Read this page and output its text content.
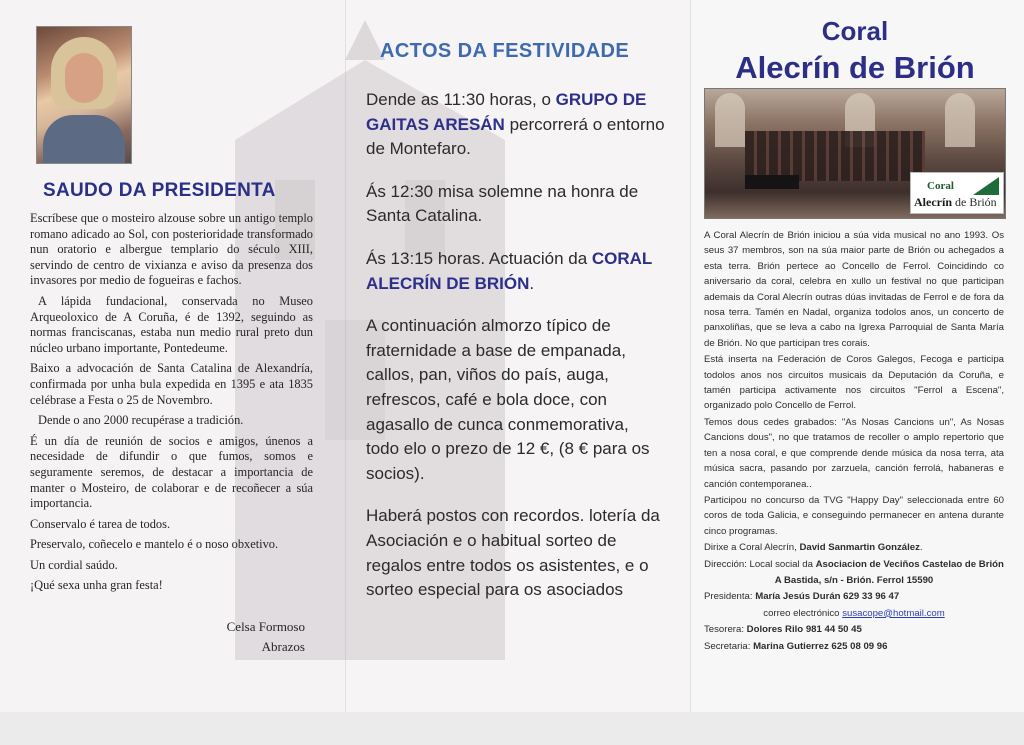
SAUDO DA PRESIDENTA

Escríbese que o mosteiro alzouse sobre un antigo templo romano adicado ao Sol, con posterioridade transformado nun oratorio e albergue templario do século XIII, servindo de centro de vixianza e aviso da presenza dos invasores por medio de fogueiras e fachos.

A lápida fundacional, conservada no Museo Arqueoloxico de A Coruña, é de 1392, seguindo as normas franciscanas, estaba nun medio rural preto dun núcleo urbano importante, Pontedeume.

Baixo a advocación de Santa Catalina de Alexandría, confirmada por unha bula expedida en 1395 e ata 1835 celébrase a Festa o 25 de Novembro.

Dende o ano 2000 recupérase a tradición.

É un día de reunión de socios e amigos, únenos a necesidade de difundir o que fumos, somos e seguramente seremos, de destacar a importancia de manter o Mosteiro, de colaborar e de recoñecer a súa importancia.

Conservalo é tarea de todos.

Preservalo, coñecelo e mantelo é o noso obxetivo.

Un cordial saúdo.

¡Qué sexa unha gran festa!

Celsa Formoso
Abrazos
ACTOS DA FESTIVIDADE

Dende as 11:30 horas, o GRUPO DE GAITAS ARESÁN percorrerá o entorno de Montefaro.

Ás 12:30 misa solemne na honra de Santa Catalina.

Ás 13:15 horas. Actuación da CORAL ALECRÍN DE BRIÓN.

A continuación almorzo típico de fraternidade a base de empanada, callos, pan, viños do país, auga, refrescos, café e bola doce, con agasallo de cunca conmemorativa, todo elo o prezo de 12 €, (8 € para os socios).

Haberá postos con recordos. lotería da Asociación e o habitual sorteo de regalos entre todos os asistentes, e o sorteo especial para os asociados

Coral
Alecrín de Brión
Coral
Alecrín de Brión

A Coral Alecrín de Brión iniciou a súa vida musical no ano 1993. Os seus 37 membros, son na súa maior parte de Brión ou achegados a esta terra. Brión pertece ao Concello de Ferrol. Coincidindo co aniversario da coral, celebra en xullo un festival no que participan ademais da Coral Alecrín outras dúas invitadas de Ferrol e de fora da nosa terra. Tamén en Nadal, organiza todolos anos, un concerto de panxoliñas, que se leva a cabo na Igrexa Parroquial de Santa María de Brión. No que participan tres corais.

Está inserta na Federación de Coros Galegos, Fecoga e participa todolos anos nos circuitos musicais da Deputación da Coruña, e tamén participa activamente nos circuitos "Ferrol a Escena", organizado polo Concello de Ferrol.

Temos dous cedes grabados: "As Nosas Cancions un", As Nosas Cancions dous", no que tratamos de recoller o amplo repertorio que ten a nosa coral, e que comprende dende música da nosa terra, ata música sacra, pasando por zarzuela, canción ferrolá, habaneras e canción contemporanea..

Participou no concurso da TVG "Happy Day" seleccionada entre 60 coros de toda Galicia, e conseguindo permanecer en antena durante cinco programas.

Dirixe a Coral Alecrín, David Sanmartin González.

Dirección: Local social da Asociacion de Veciños Castelao de Brión

A Bastida, s/n - Brión. Ferrol 15590

Presidenta: María Jesús Durán 629 33 96 47

correo electrónico susacope@hotmail.com

Tesorera: Dolores Rilo 981 44 50 45

Secretaria: Marina Gutierrez 625 08 09 96
